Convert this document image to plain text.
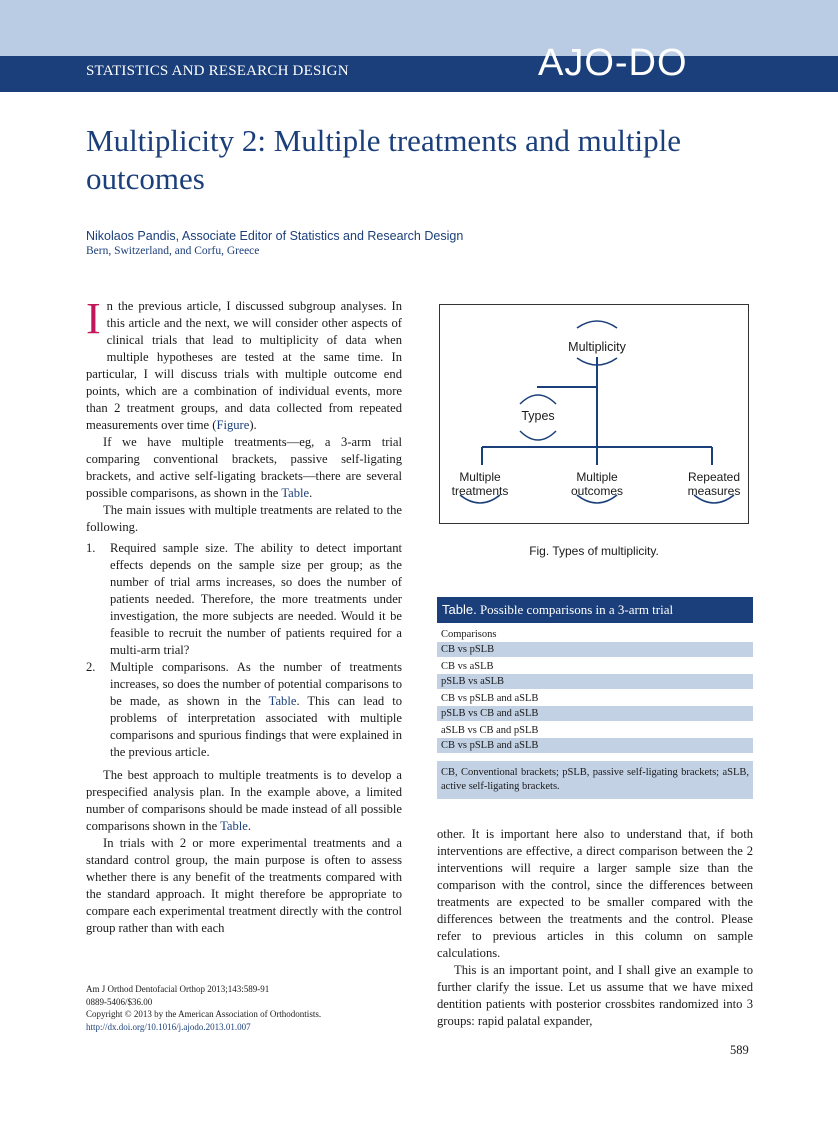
STATISTICS AND RESEARCH DESIGN	AJO-DO
Multiplicity 2: Multiple treatments and multiple outcomes
Nikolaos Pandis, Associate Editor of Statistics and Research Design
Bern, Switzerland, and Corfu, Greece

In the previous article, I discussed subgroup analyses. In this article and the next, we will consider other aspects of clinical trials that lead to multiplicity of data when multiple hypotheses are tested at the same time. In particular, I will discuss trials with multiple outcome end points, which are a combination of individual events, more than 2 treatment groups, and data collected from repeated measurements over time (Figure).

If we have multiple treatments—eg, a 3-arm trial comparing conventional brackets, passive self-ligating brackets, and active self-ligating brackets—there are several possible comparisons, as shown in the Table.

The main issues with multiple treatments are related to the following.

1. Required sample size. The ability to detect important effects depends on the sample size per group; as the number of trial arms increases, so does the number of patients needed. Therefore, the more treatments under investigation, the more subjects are needed. Would it be feasible to recruit the number of patients required for a multi-arm trial?
2. Multiple comparisons. As the number of treatments increases, so does the number of potential comparisons to be made, as shown in the Table. This can lead to problems of interpretation associated with multiple comparisons and spurious findings that were explained in the previous article.

The best approach to multiple treatments is to develop a prespecified analysis plan. In the example above, a limited number of comparisons should be made instead of all possible comparisons shown in the Table.

In trials with 2 or more experimental treatments and a standard control group, the main purpose is often to assess whether there is any benefit of the treatments compared with the standard approach. It might therefore be appropriate to compare each experimental treatment directly with the control group rather than with each

Multiplicity
Types
Multiple
treatments
Multiple
outcomes
Repeated
measures
Fig. Types of multiplicity.
Table. Possible comparisons in a 3-arm trial
Comparisons
CB vs pSLB
CB vs aSLB
pSLB vs aSLB
CB vs pSLB and aSLB
pSLB vs CB and aSLB
aSLB vs CB and pSLB
CB vs pSLB and aSLB
CB, Conventional brackets; pSLB, passive self-ligating brackets; aSLB, active self-ligating brackets.

other. It is important here also to understand that, if both interventions are effective, a direct comparison between the 2 interventions will require a larger sample size than the comparison with the control, since the differences between treatments are expected to be smaller compared with the differences between the treatments and the control. Please refer to previous articles in this column on sample calculations.

This is an important point, and I shall give an example to further clarify the issue. Let us assume that we have mixed dentition patients with posterior crossbites randomized into 3 groups: rapid palatal expander,

Am J Orthod Dentofacial Orthop 2013;143:589-91
0889-5406/$36.00
Copyright © 2013 by the American Association of Orthodontists.
http://dx.doi.org/10.1016/j.ajodo.2013.01.007
589
